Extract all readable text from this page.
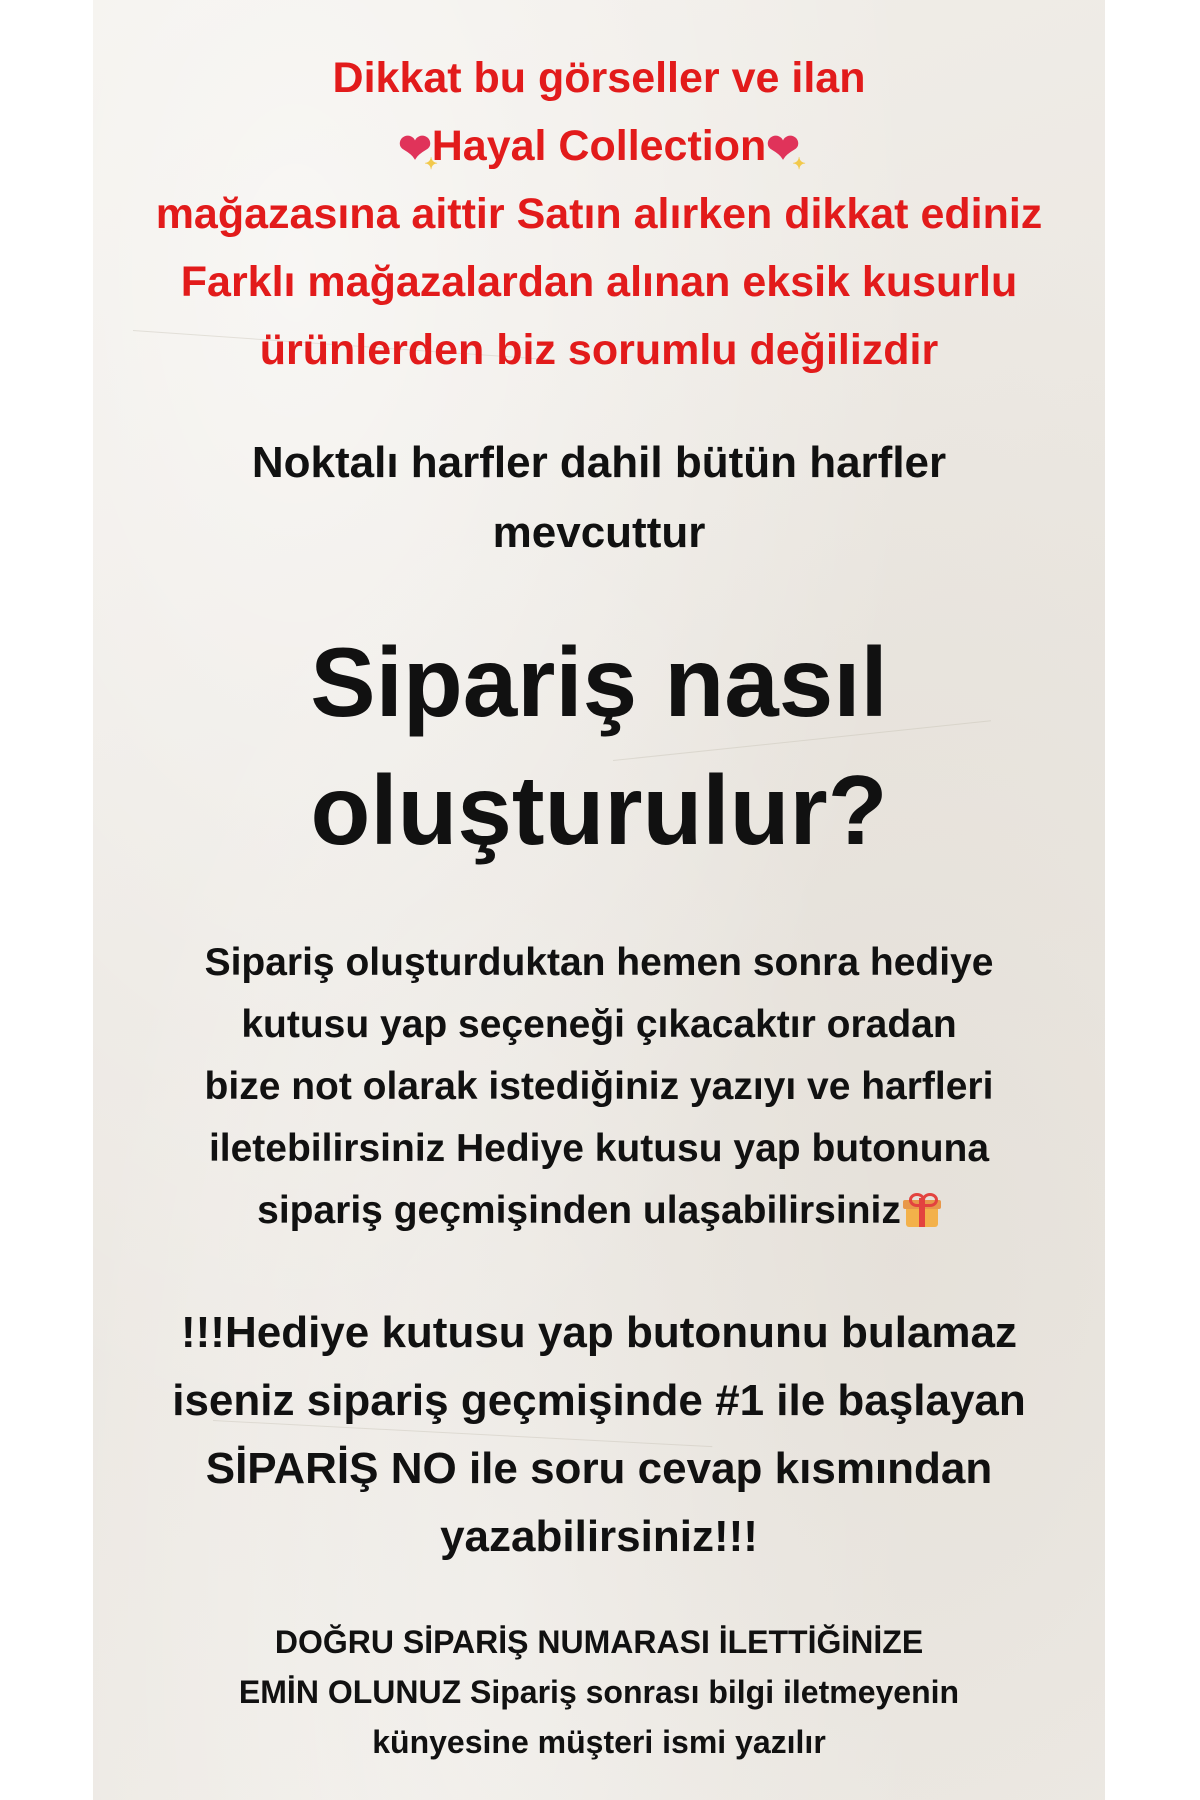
Dikkat bu görseller ve ilan
❤ ✦Hayal Collection❤ ✦
mağazasına aittir Satın alırken dikkat ediniz
Farklı mağazalardan alınan eksik kusurlu
ürünlerden biz sorumlu değilizdir
Noktalı harfler dahil bütün harfler
mevcuttur
Sipariş nasıl
oluşturulur?
Sipariş oluşturduktan hemen sonra hediye
kutusu yap seçeneği çıkacaktır oradan
bize not olarak istediğiniz yazıyı ve harfleri
iletebilirsiniz Hediye kutusu yap butonuna
sipariş geçmişinden ulaşabilirsiniz
!!!Hediye kutusu yap butonunu bulamaz
iseniz sipariş geçmişinde #1 ile başlayan
SİPARİŞ NO ile soru cevap kısmından
yazabilirsiniz!!!
DOĞRU SİPARİŞ NUMARASI İLETTİĞİNİZE
EMİN OLUNUZ Sipariş sonrası bilgi iletmeyenin
künyesine müşteri ismi yazılır
